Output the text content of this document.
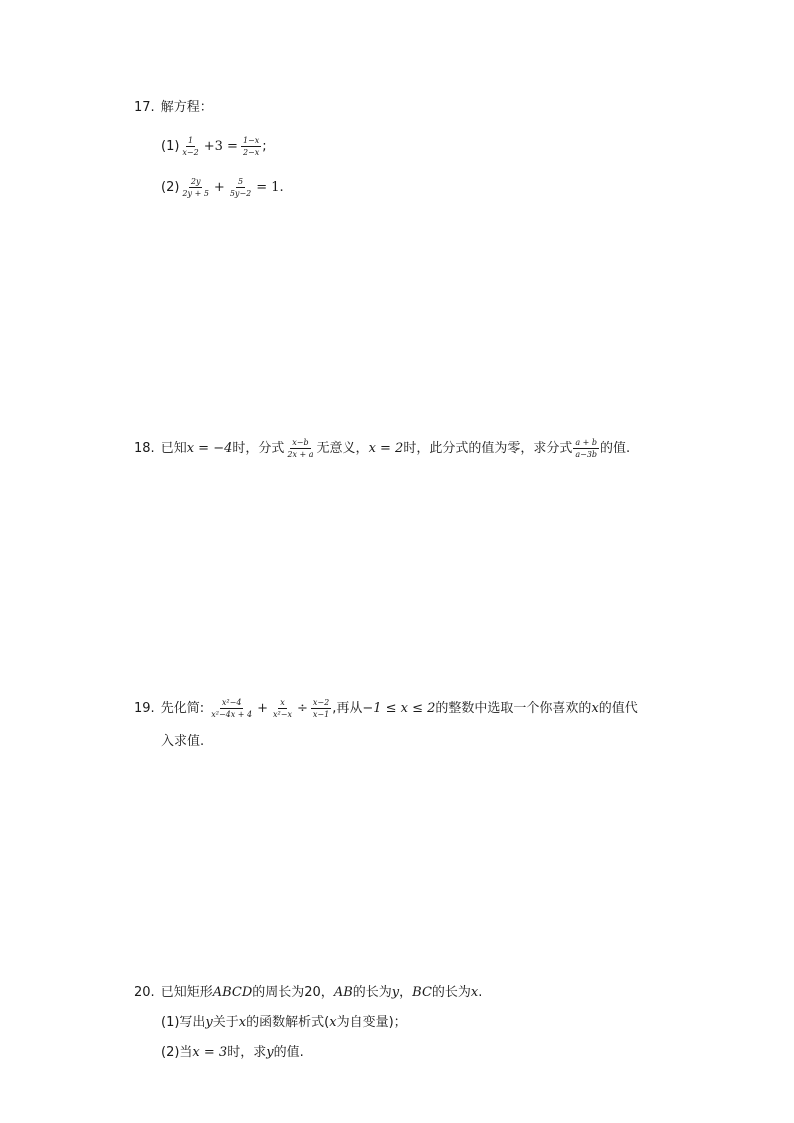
17. 解方程：
$(1) \frac{1}{x-2} +3 = \frac{1-x}{2-x}$ ;
$(2) \frac{2y}{2y + 5} + \frac{5}{5y-2} = 1$.
18. 已知x = −4时，分式 $\frac{x-b}{2x + a}$ 无意义，x = 2时，此分式的值为零，求分式 $\frac{a + b}{a-3b}$ 的值.
19. 先化简: $\frac{\text{x²−4}}{\text{x²−4x + 4}} + \frac{x}{\text{x²−x}} \div \frac{x-2}{x-1}$ ,再从−1 ≤ x ≤ 2的整数中选取一个你喜欢的x的值代
入求值.
20. 已知矩形ABCD的周长为20，AB的长为y，BC的长为x.
(1)写出y关于x的函数解析式(x为自变量)；
(2)当x = 3时，求y的值.
